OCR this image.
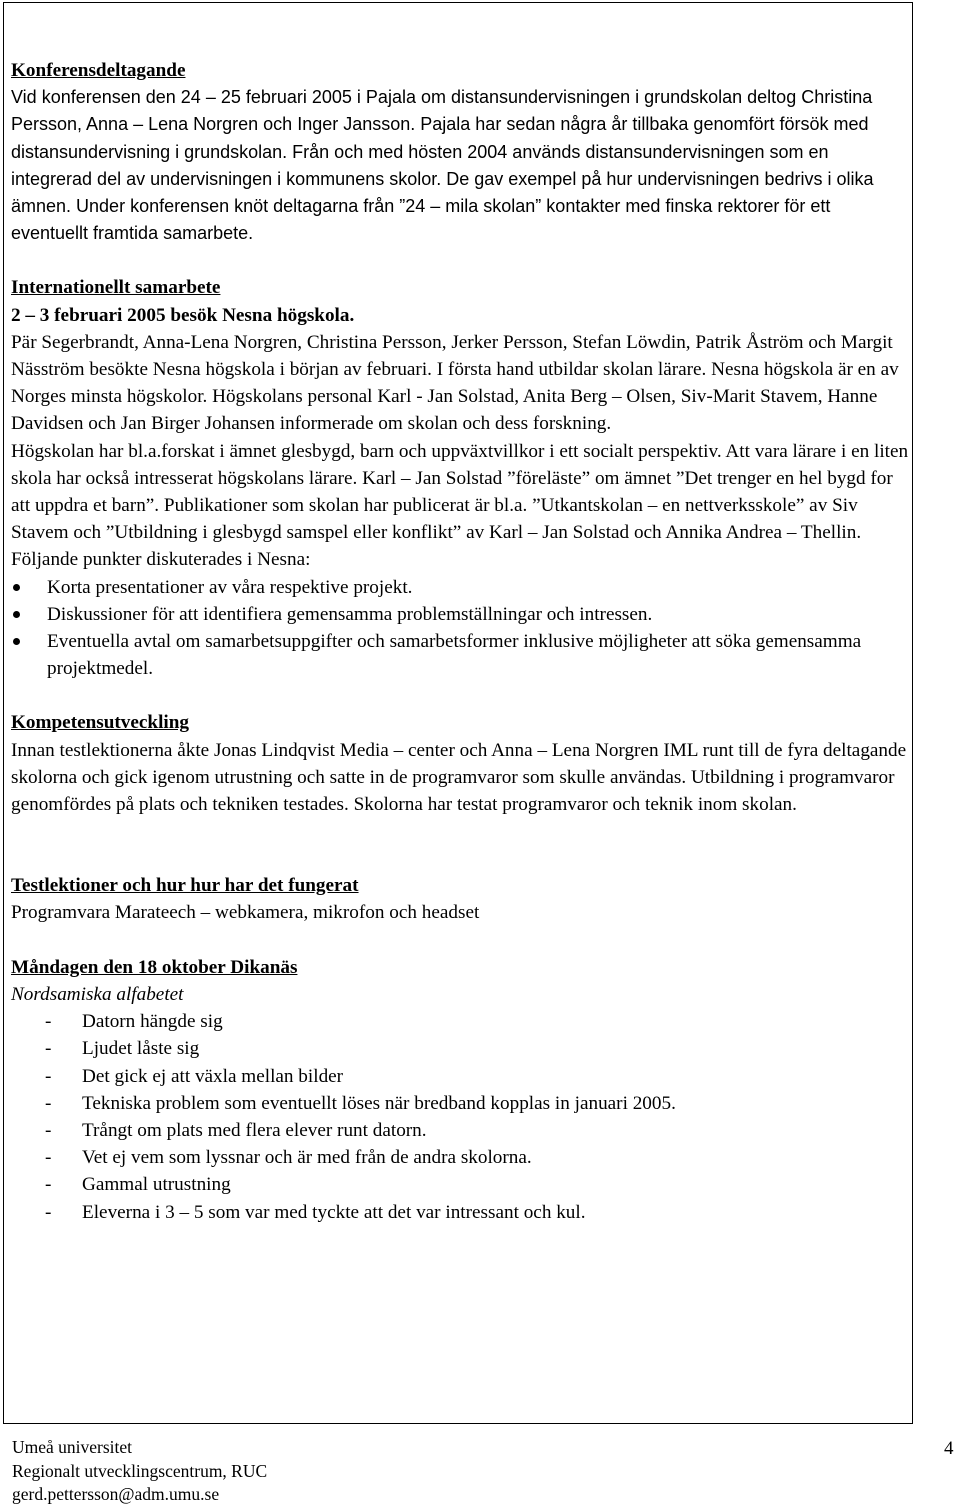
Konferensdeltagande

Vid konferensen den 24 – 25 februari 2005 i Pajala om distansundervisningen i grundskolan deltog Christina Persson, Anna – Lena Norgren och Inger Jansson. Pajala har sedan några år tillbaka genomfört försök med distansundervisning i grundskolan. Från och med hösten 2004 används distansundervisningen som en integrerad del av undervisningen i kommunens skolor. De gav exempel på hur undervisningen bedrivs i olika ämnen. Under konferensen knöt deltagarna från ”24 – mila skolan” kontakter med finska rektorer för ett eventuellt framtida samarbete.

Internationellt samarbete

2 – 3 februari 2005 besök Nesna högskola.

Pär Segerbrandt, Anna-Lena Norgren, Christina Persson, Jerker Persson, Stefan Löwdin, Patrik Åström och Margit Näsström besökte Nesna högskola i början av februari. I första hand utbildar skolan lärare. Nesna högskola är en av Norges minsta högskolor. Högskolans personal Karl - Jan Solstad, Anita Berg – Olsen, Siv-Marit Stavem, Hanne Davidsen och Jan Birger Johansen informerade om skolan och dess forskning.

Högskolan har bl.a.forskat i ämnet glesbygd, barn och uppväxtvillkor i ett socialt perspektiv. Att vara lärare i en liten skola har också intresserat högskolans lärare. Karl – Jan Solstad ”föreläste” om ämnet ”Det trenger en hel bygd for att uppdra et barn”. Publikationer som skolan har publicerat är bl.a. ”Utkantskolan – en nettverksskole” av Siv Stavem och ”Utbildning i glesbygd samspel eller konflikt” av Karl – Jan Solstad och Annika Andrea – Thellin. Följande punkter diskuterades i Nesna:

Korta presentationer av våra respektive projekt.
Diskussioner för att identifiera gemensamma problemställningar och intressen.
Eventuella avtal om samarbetsuppgifter och samarbetsformer inklusive möjligheter att söka gemensamma projektmedel.

Kompetensutveckling

Innan testlektionerna åkte Jonas Lindqvist Media – center och Anna – Lena Norgren IML runt till de fyra deltagande skolorna och gick igenom utrustning och satte in de programvaror som skulle användas. Utbildning i programvaror genomfördes på plats och tekniken testades. Skolorna har testat programvaror och teknik inom skolan.

Testlektioner och hur hur har det fungerat

Programvara Marateech – webkamera, mikrofon och headset

Måndagen den 18 oktober Dikanäs

Nordsamiska alfabetet

- Datorn hängde sig
- Ljudet låste sig
- Det gick ej att växla mellan bilder
- Tekniska problem som eventuellt löses när bredband kopplas in januari 2005.
- Trångt om plats med flera elever runt datorn.
- Vet ej vem som lyssnar och är med från de andra skolorna.
- Gammal utrustning
- Eleverna i 3 – 5 som var med tyckte att det var intressant och kul.
Umeå universitet
Regionalt utvecklingscentrum, RUC
gerd.pettersson@adm.umu.se
4
